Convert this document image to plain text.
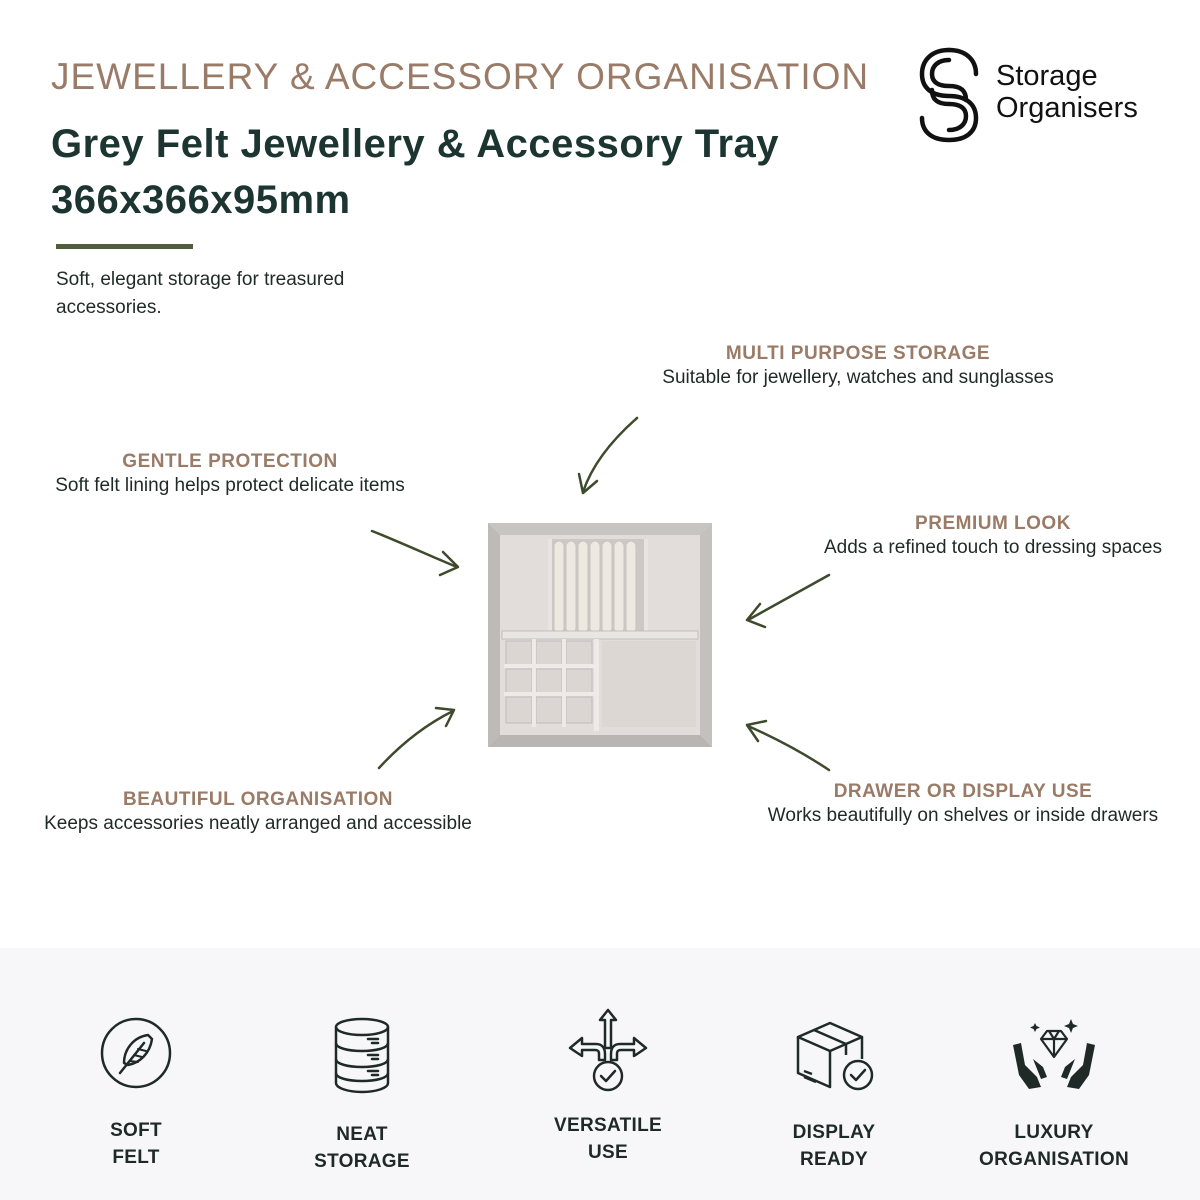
JEWELLERY & ACCESSORY ORGANISATION
Grey Felt Jewellery & Accessory Tray
366x366x95mm
Soft, elegant storage for treasured accessories.
Storage
Organisers
MULTI PURPOSE STORAGE
Suitable for jewellery, watches and sunglasses
GENTLE PROTECTION
Soft felt lining helps protect delicate items
PREMIUM LOOK
Adds a refined touch to dressing spaces
BEAUTIFUL ORGANISATION
Keeps accessories neatly arranged and accessible
DRAWER OR DISPLAY USE
Works beautifully on shelves or inside drawers
SOFT
FELT
NEAT
STORAGE
VERSATILE
USE
DISPLAY
READY
LUXURY
ORGANISATION
